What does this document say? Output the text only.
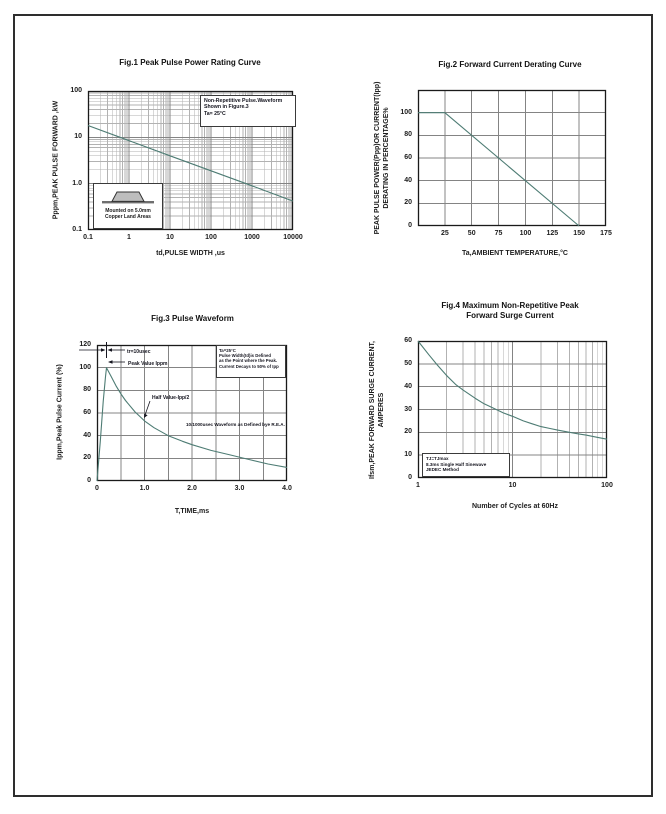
Fig.1 Peak Pulse Power Rating Curve
Pppm,PEAK PULSE FORWARD ,kW	Non-Repetitive Pulse.Waveform
Shown in Figure.3
Ta= 25°C
Mounted on 5.0mm
Copper Land Areas
td,PULSE WIDTH ,us
0.1	1	10	100	1000	10000
100
10
1.0
0.1
Fig.2 Forward Current Derating Curve
PEAK PULSE POWER(Ppp)OR CURRENT(Ipp) DERATING IN PERCENTAGE%
Ta,AMBIENT TEMPERATURE,°C
25	50	75	100	125	150	175
0
20
40
60
80
100
Fig.3 Pulse Waveform
Ippm,Peak Pulse Current (%)
Ta=25°C
Pulse Width(td)is Defined
as the Point where the Peak.
Current Decays to 50% of Ipp
tr=10usec
Peak Value Ippm
Half Value-Ipp/2
10/1000usec Waveform as Defined bye R.E.A.
T,TIME,ms
0	1.0	2.0	3.0	4.0
0
20
40
60
80
100
120
Fig.4 Maximum Non-Repetitive Peak
Forward Surge Current
Ifsm,PEAK FORWARD SURGE CURRENT, AMPERES
TJ=TJmax
8.3ms Single Half Sinewave
JEDEC Method
Number of Cycles at 60Hz
1	10	100
0
10
20
30
40
50
60
